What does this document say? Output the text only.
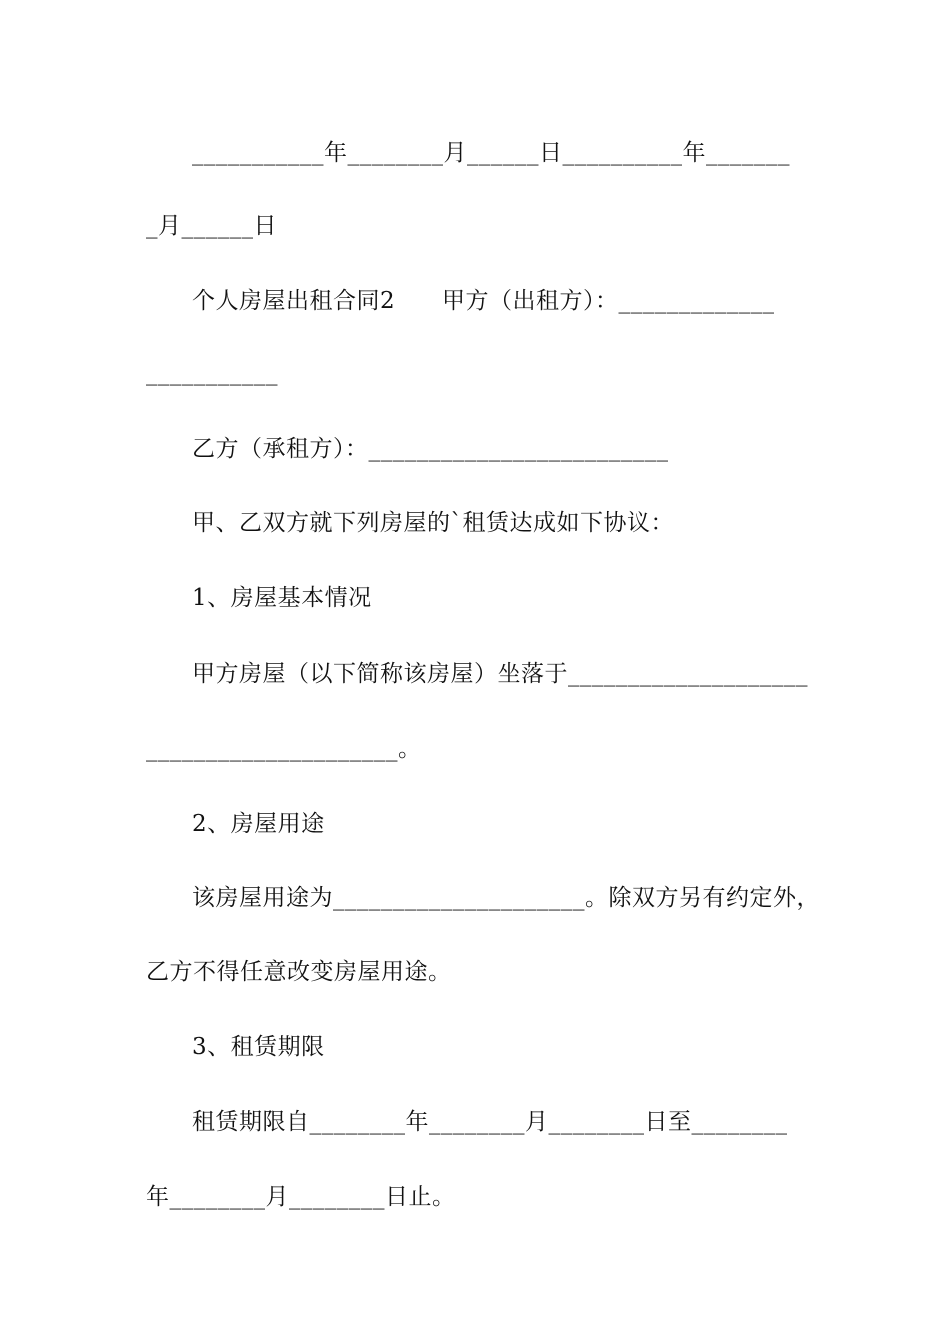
___________年________月______日__________年_______
_月______日
个人房屋出租合同2      甲方（出租方）：_____________
___________
乙方（承租方）：_________________________
甲、乙双方就下列房屋的`租赁达成如下协议：
1、房屋基本情况
甲方房屋（以下简称该房屋）坐落于____________________
_____________________。
2、房屋用途
该房屋用途为_____________________。除双方另有约定外，
乙方不得任意改变房屋用途。
3、租赁期限
租赁期限自________年________月________日至________
年________月________日止。
